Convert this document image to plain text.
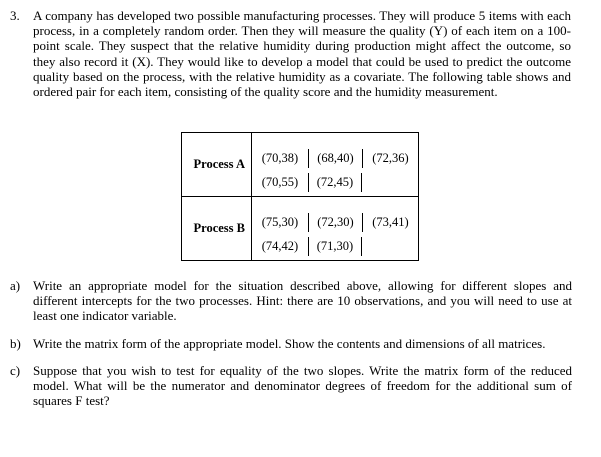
3. A company has developed two possible manufacturing processes. They will produce 5 items with each process, in a completely random order. Then they will measure the quality (Y) of each item on a 100-point scale. They suspect that the relative humidity during production might affect the outcome, so they also record it (X). They would like to develop a model that could be used to predict the outcome quality based on the process, with the relative humidity as a covariate. The following table shows and ordered pair for each item, consisting of the quality score and the humidity measurement.
Process A	(70,38) (68,40) (72,36)
(70,55) (72,45)

Process B	(75,30) (72,30) (73,41)
(74,42) (71,30)
a) Write an appropriate model for the situation described above, allowing for different slopes and different intercepts for the two processes. Hint: there are 10 observations, and you will need to use at least one indicator variable.
b) Write the matrix form of the appropriate model. Show the contents and dimensions of all matrices.
c) Suppose that you wish to test for equality of the two slopes. Write the matrix form of the reduced model. What will be the numerator and denominator degrees of freedom for the additional sum of squares F test?
